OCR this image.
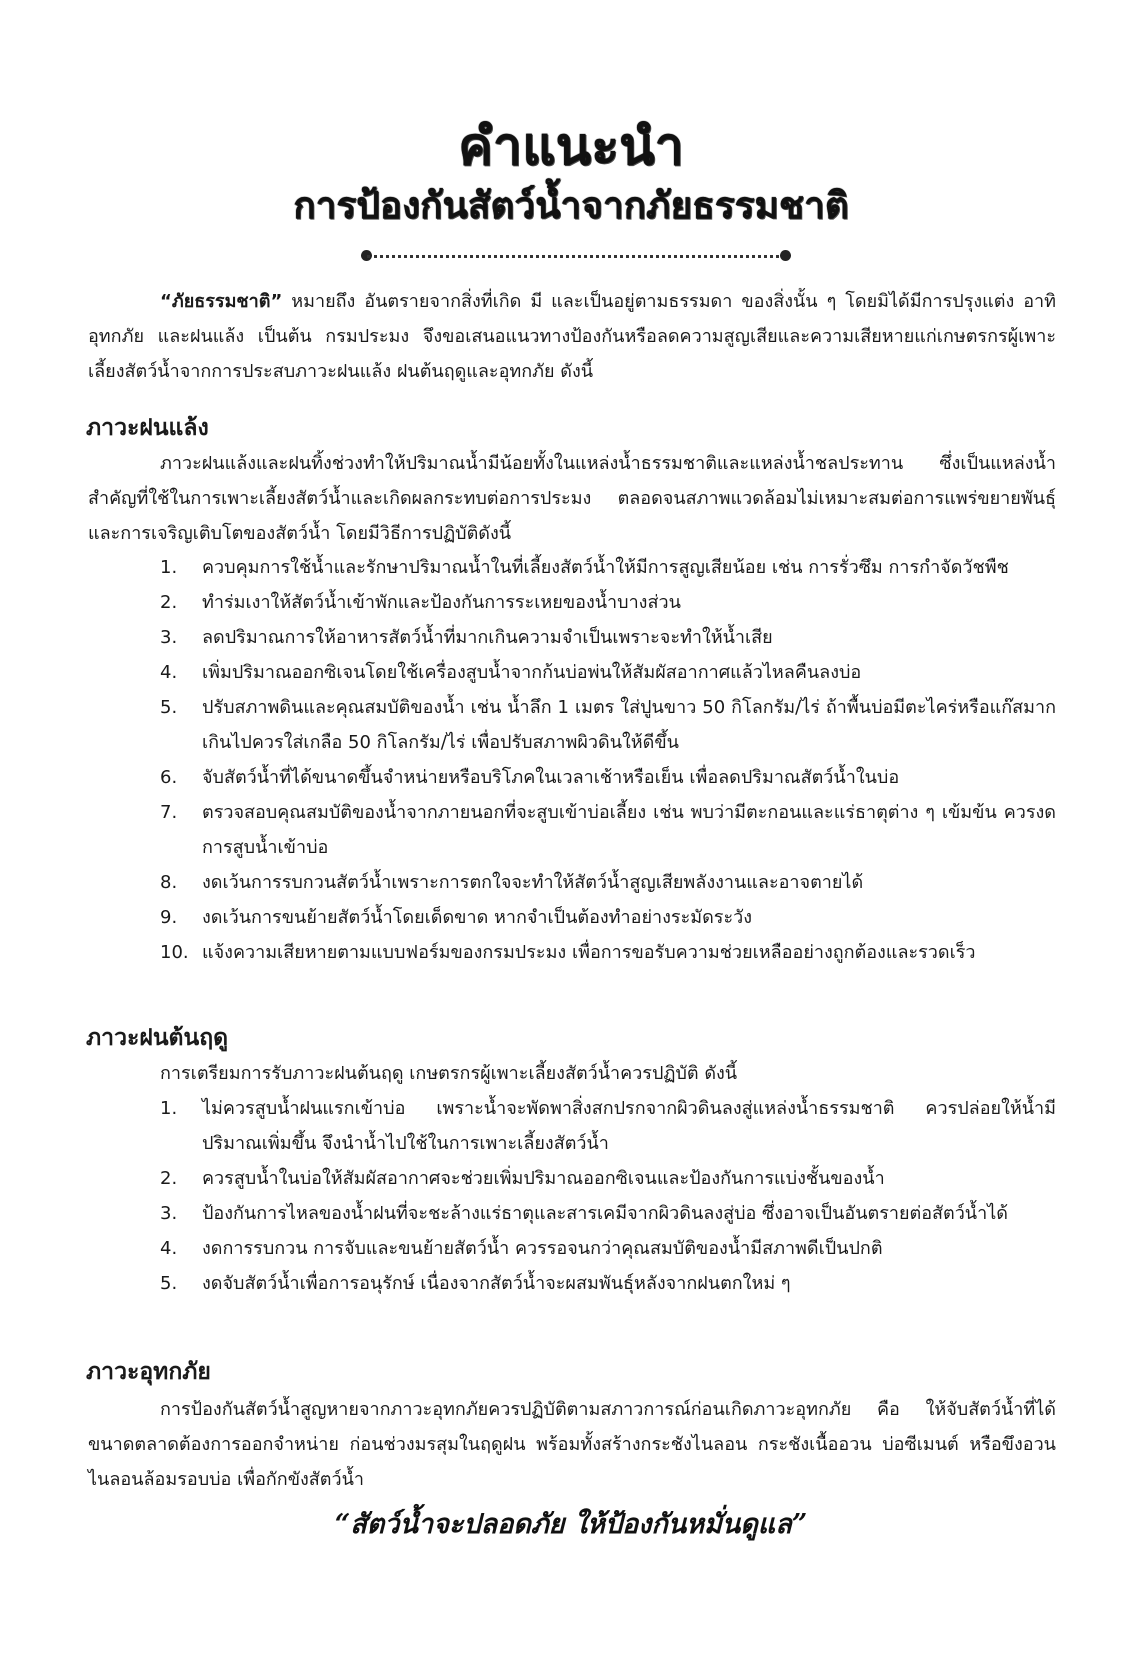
คำแนะนำ
การป้องกันสัตว์น้ำจากภัยธรรมชาติ

“ภัยธรรมชาติ” หมายถึง อันตรายจากสิ่งที่เกิด มี และเป็นอยู่ตามธรรมดา ของสิ่งนั้น ๆ โดยมิได้มีการปรุงแต่ง อาทิ อุทกภัย และฝนแล้ง เป็นต้น กรมประมง จึงขอเสนอแนวทางป้องกันหรือลดความสูญเสียและความเสียหายแก่เกษตรกรผู้เพาะเลี้ยงสัตว์น้ำจากการประสบภาวะฝนแล้ง ฝนต้นฤดูและอุทกภัย ดังนี้

ภาวะฝนแล้ง

ภาวะฝนแล้งและฝนทิ้งช่วงทำให้ปริมาณน้ำมีน้อยทั้งในแหล่งน้ำธรรมชาติและแหล่งน้ำชลประทาน ซึ่งเป็นแหล่งน้ำสำคัญที่ใช้ในการเพาะเลี้ยงสัตว์น้ำและเกิดผลกระทบต่อการประมง ตลอดจนสภาพแวดล้อมไม่เหมาะสมต่อการแพร่ขยายพันธุ์และการเจริญเติบโตของสัตว์น้ำ โดยมีวิธีการปฏิบัติดังนี้

1.	ควบคุมการใช้น้ำและรักษาปริมาณน้ำในที่เลี้ยงสัตว์น้ำให้มีการสูญเสียน้อย เช่น การรั่วซึม การกำจัดวัชพืช
2.	ทำร่มเงาให้สัตว์น้ำเข้าพักและป้องกันการระเหยของน้ำบางส่วน
3.	ลดปริมาณการให้อาหารสัตว์น้ำที่มากเกินความจำเป็นเพราะจะทำให้น้ำเสีย
4.	เพิ่มปริมาณออกซิเจนโดยใช้เครื่องสูบน้ำจากก้นบ่อพ่นให้สัมผัสอากาศแล้วไหลคืนลงบ่อ
5.	ปรับสภาพดินและคุณสมบัติของน้ำ เช่น น้ำลึก 1 เมตร ใส่ปูนขาว 50 กิโลกรัม/ไร่ ถ้าพื้นบ่อมีตะไคร่หรือแก๊สมากเกินไปควรใส่เกลือ 50 กิโลกรัม/ไร่ เพื่อปรับสภาพผิวดินให้ดีขึ้น
6.	จับสัตว์น้ำที่ได้ขนาดขึ้นจำหน่ายหรือบริโภคในเวลาเช้าหรือเย็น เพื่อลดปริมาณสัตว์น้ำในบ่อ
7.	ตรวจสอบคุณสมบัติของน้ำจากภายนอกที่จะสูบเข้าบ่อเลี้ยง เช่น พบว่ามีตะกอนและแร่ธาตุต่าง ๆ เข้มข้น ควรงดการสูบน้ำเข้าบ่อ
8.	งดเว้นการรบกวนสัตว์น้ำเพราะการตกใจจะทำให้สัตว์น้ำสูญเสียพลังงานและอาจตายได้
9.	งดเว้นการขนย้ายสัตว์น้ำโดยเด็ดขาด หากจำเป็นต้องทำอย่างระมัดระวัง
10. แจ้งความเสียหายตามแบบฟอร์มของกรมประมง เพื่อการขอรับความช่วยเหลืออย่างถูกต้องและรวดเร็ว
ภาวะฝนต้นฤดู

การเตรียมการรับภาวะฝนต้นฤดู เกษตรกรผู้เพาะเลี้ยงสัตว์น้ำควรปฏิบัติ ดังนี้

1.	ไม่ควรสูบน้ำฝนแรกเข้าบ่อ เพราะน้ำจะพัดพาสิ่งสกปรกจากผิวดินลงสู่แหล่งน้ำธรรมชาติ ควรปล่อยให้น้ำมีปริมาณเพิ่มขึ้น จึงนำน้ำไปใช้ในการเพาะเลี้ยงสัตว์น้ำ
2.	ควรสูบน้ำในบ่อให้สัมผัสอากาศจะช่วยเพิ่มปริมาณออกซิเจนและป้องกันการแบ่งชั้นของน้ำ
3.	ป้องกันการไหลของน้ำฝนที่จะชะล้างแร่ธาตุและสารเคมีจากผิวดินลงสู่บ่อ ซึ่งอาจเป็นอันตรายต่อสัตว์น้ำได้
4.	งดการรบกวน การจับและขนย้ายสัตว์น้ำ ควรรอจนกว่าคุณสมบัติของน้ำมีสภาพดีเป็นปกติ
5.	งดจับสัตว์น้ำเพื่อการอนุรักษ์ เนื่องจากสัตว์น้ำจะผสมพันธุ์หลังจากฝนตกใหม่ ๆ
ภาวะอุทกภัย

การป้องกันสัตว์น้ำสูญหายจากภาวะอุทกภัยควรปฏิบัติตามสภาวการณ์ก่อนเกิดภาวะอุทกภัย คือ ให้จับสัตว์น้ำที่ได้ขนาดตลาดต้องการออกจำหน่าย ก่อนช่วงมรสุมในฤดูฝน พร้อมทั้งสร้างกระชังไนลอน กระชังเนื้ออวน บ่อซีเมนต์ หรือขึงอวนไนลอนล้อมรอบบ่อ เพื่อกักขังสัตว์น้ำ

“สัตว์น้ำจะปลอดภัย ให้ป้องกันหมั่นดูแล”
